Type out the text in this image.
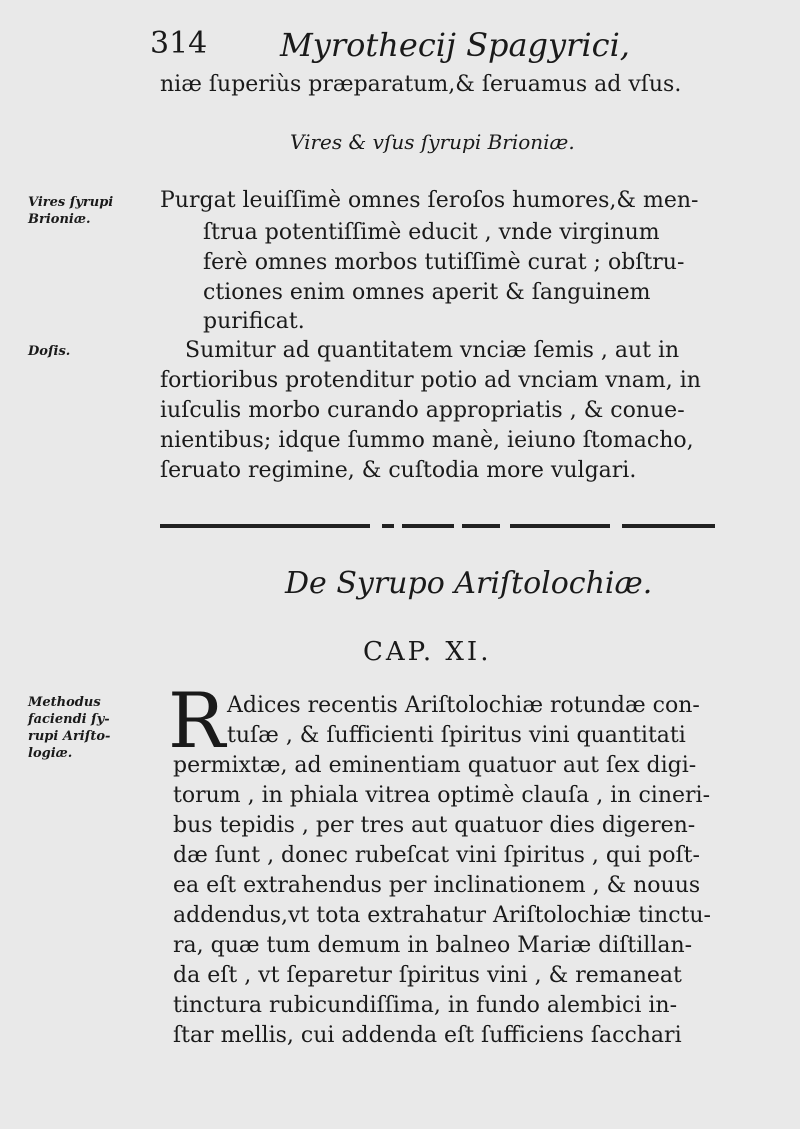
314 Myrothecij Spagyrici,
niæ ſuperiùs præparatum,& ſeruamus ad vſus.
Vires & vſus ſyrupi Brioniæ.
Vires ſyrupi
Brioniæ.
Doſis.
Methodus
faciendi ſy-
rupi Ariſto-
logiæ.
Purgat leuiſſimè omnes ſeroſos humores,& men-
ſtrua potentiſſimè educit , vnde virginum
ferè omnes morbos tutiſſimè curat ; obſtru-
ctiones enim omnes aperit & ſanguinem
purificat.
Sumitur ad quantitatem vnciæ ſemis , aut in
fortioribus protenditur potio ad vnciam vnam, in
iuſculis morbo curando appropriatis , & conue-
nientibus; idque ſummo manè, ieiuno ſtomacho,
ſeruato regimine, & cuſtodia more vulgari.
De Syrupo Ariſtolochiæ.
CAP. XI.
R Adices recentis Ariſtolochiæ rotundæ con-
tuſæ , & ſufficienti ſpiritus vini quantitati
permixtæ, ad eminentiam quatuor aut ſex digi-
torum , in phiala vitrea optimè clauſa , in cineri-
bus tepidis , per tres aut quatuor dies digeren-
dæ ſunt , donec rubeſcat vini ſpiritus , qui poſt-
ea eſt extrahendus per inclinationem , & nouus
addendus,vt tota extrahatur Ariſtolochiæ tinctu-
ra, quæ tum demum in balneo Mariæ diſtillan-
da eſt , vt ſeparetur ſpiritus vini , & remaneat
tinctura rubicundiſſima, in fundo alembici in-
ſtar mellis, cui addenda eſt ſufficiens ſacchari
